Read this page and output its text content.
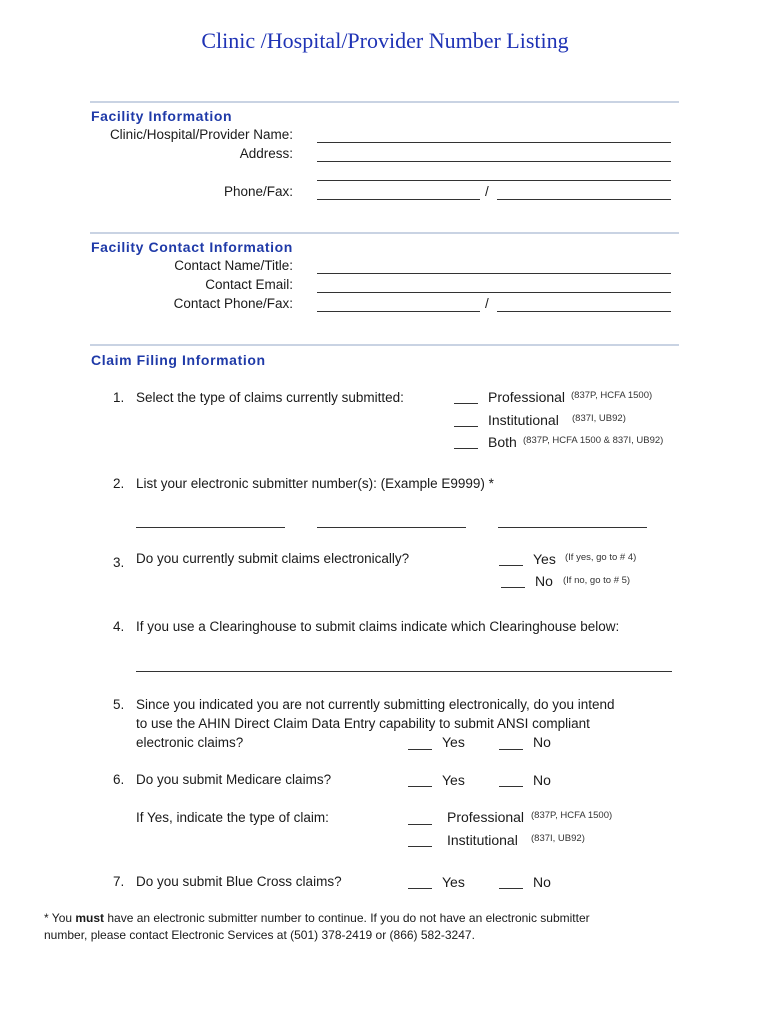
Clinic /Hospital/Provider Number Listing
Facility Information
Clinic/Hospital/Provider Name:
Address:
Phone/Fax:	/
Facility Contact Information
Contact Name/Title:
Contact Email:
Contact Phone/Fax:	/
Claim Filing Information
1. Select the type of claims currently submitted:	Professional (837P, HCFA 1500)
Institutional (837I, UB92)
Both (837P, HCFA 1500 & 837I, UB92)
2. List your electronic submitter number(s): (Example E9999) *
3. Do you currently submit claims electronically?	Yes (If yes, go to # 4)
No (If no, go to # 5)
4. If you use a Clearinghouse to submit claims indicate which Clearinghouse below:
5. Since you indicated you are not currently submitting electronically, do you intend
to use the AHIN Direct Claim Data Entry capability to submit ANSI compliant
electronic claims?	Yes	No
6. Do you submit Medicare claims?	Yes	No
If Yes, indicate the type of claim:	Professional (837P, HCFA 1500)
Institutional (837I, UB92)
7. Do you submit Blue Cross claims?	Yes	No
* You must have an electronic submitter number to continue. If you do not have an electronic submitter
number, please contact Electronic Services at (501) 378-2419 or (866) 582-3247.
